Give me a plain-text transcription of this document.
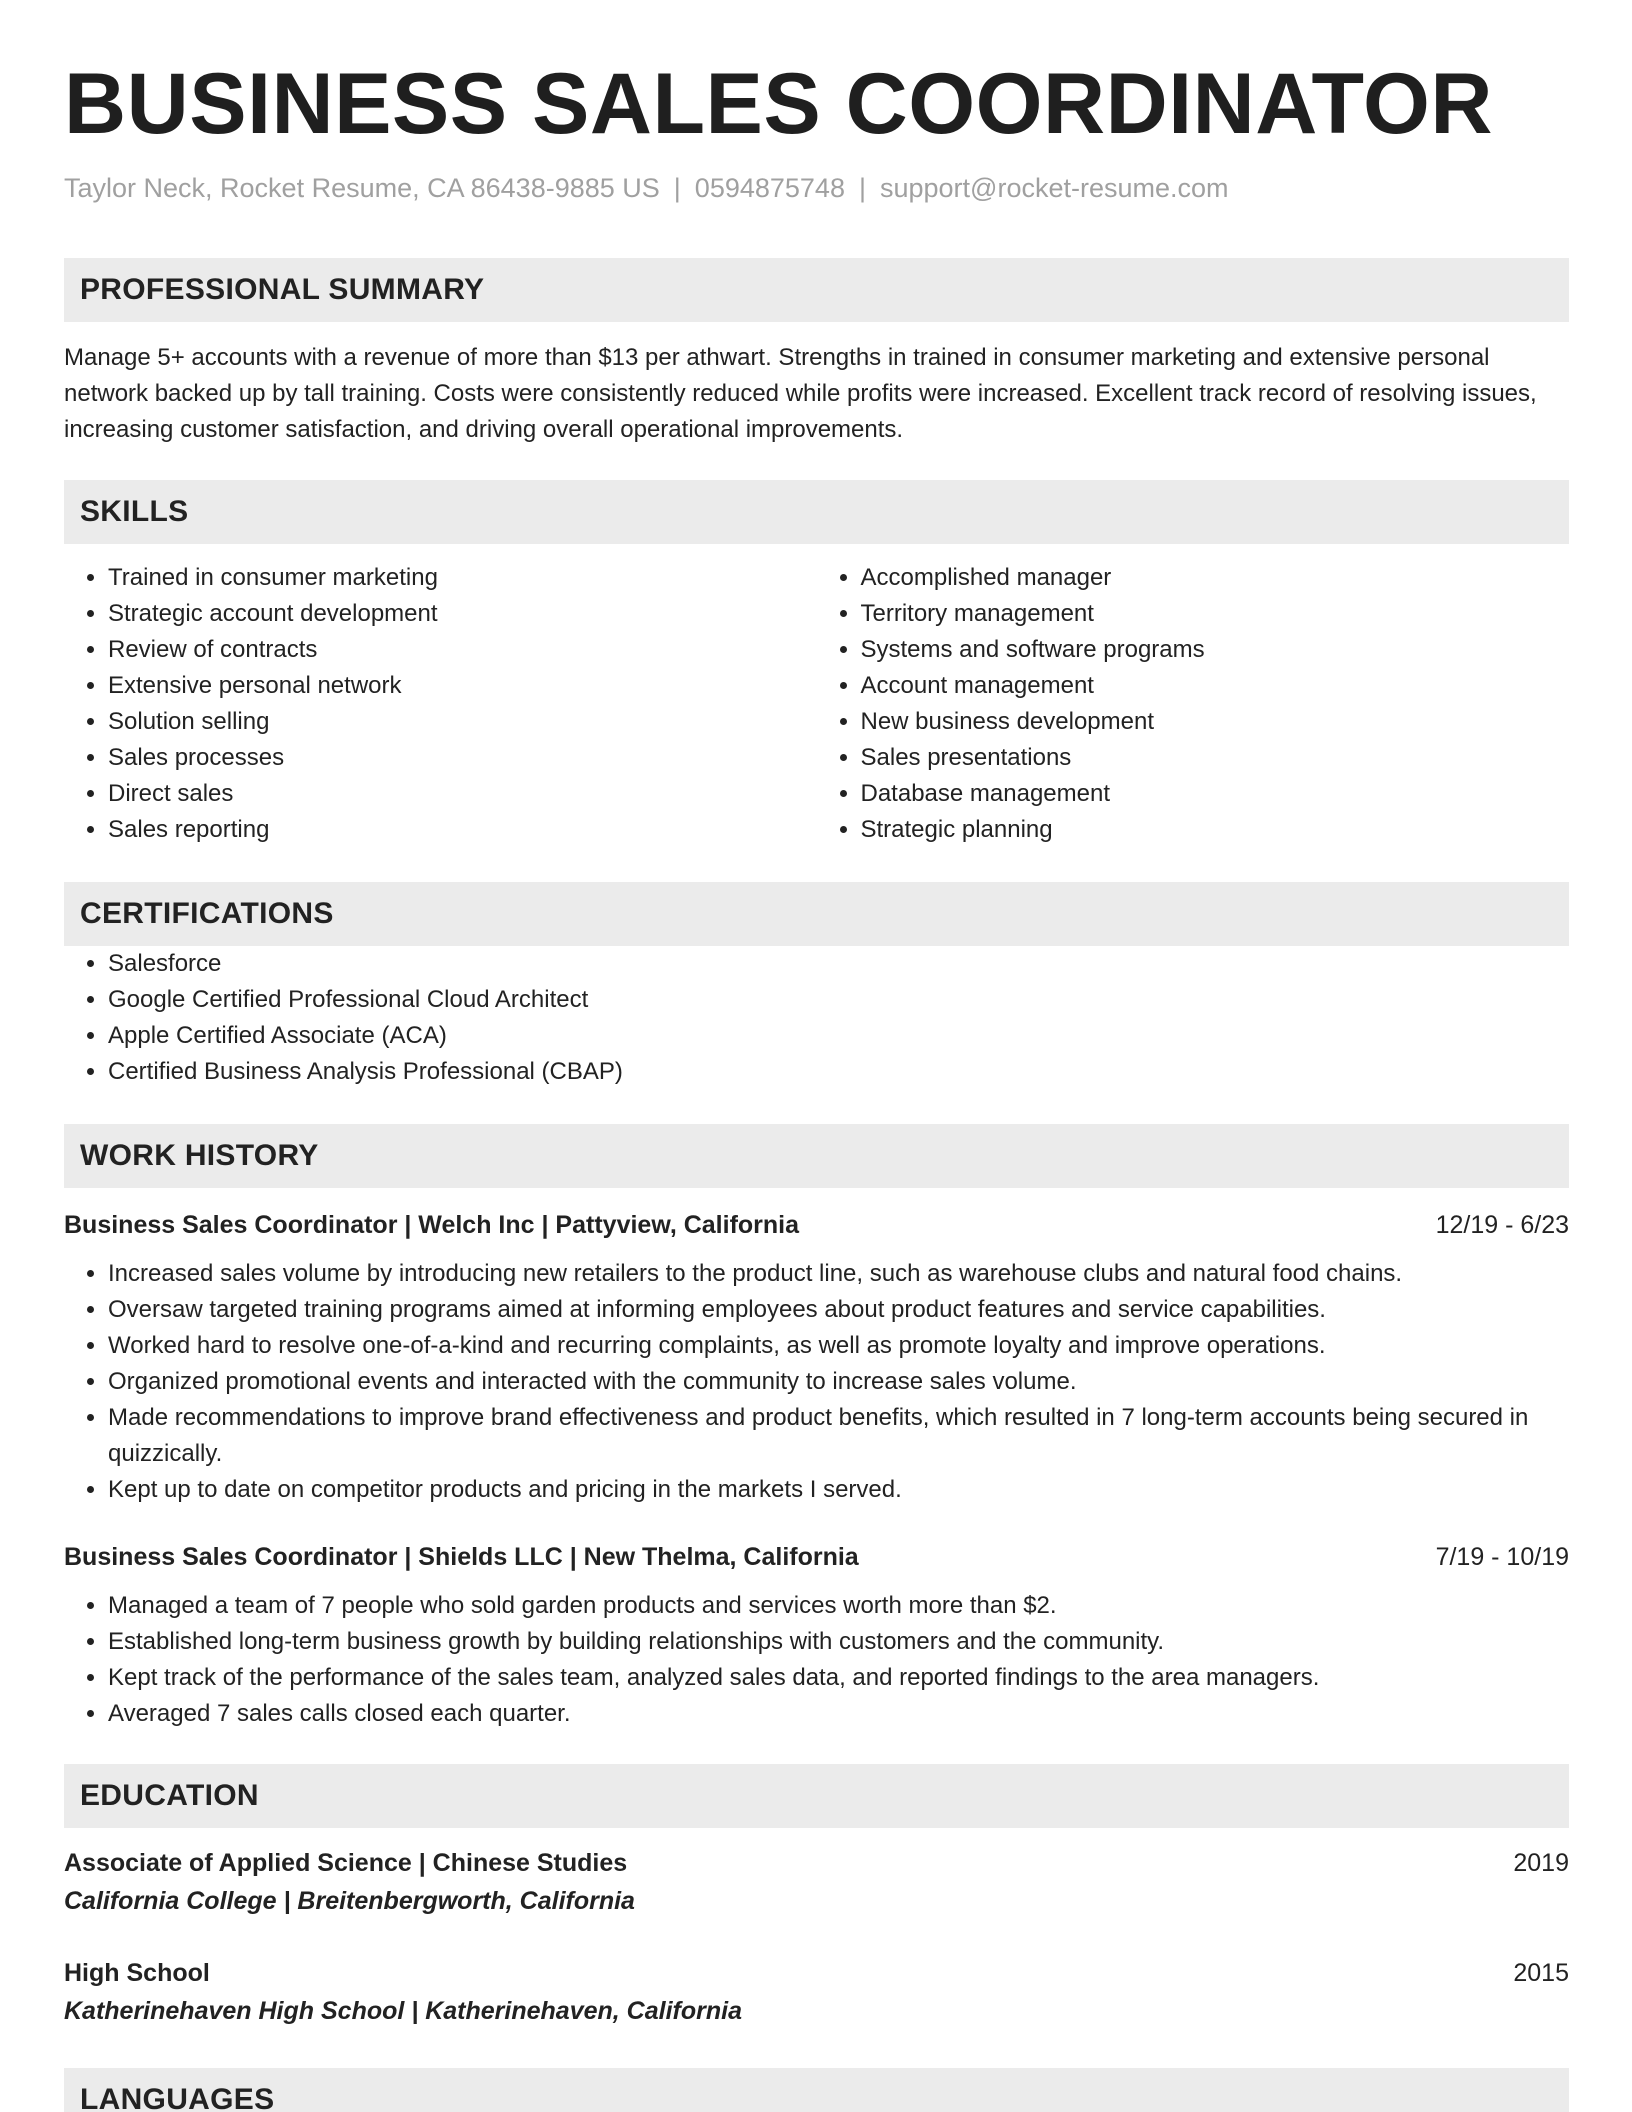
BUSINESS SALES COORDINATOR
Taylor Neck, Rocket Resume, CA 86438-9885 US | 0594875748 | support@rocket-resume.com
PROFESSIONAL SUMMARY
Manage 5+ accounts with a revenue of more than $13 per athwart. Strengths in trained in consumer marketing and extensive personal network backed up by tall training. Costs were consistently reduced while profits were increased. Excellent track record of resolving issues, increasing customer satisfaction, and driving overall operational improvements.
SKILLS
• Trained in consumer marketing
• Strategic account development
• Review of contracts
• Extensive personal network
• Solution selling
• Sales processes
• Direct sales
• Sales reporting
• Accomplished manager
• Territory management
• Systems and software programs
• Account management
• New business development
• Sales presentations
• Database management
• Strategic planning
CERTIFICATIONS
• Salesforce
• Google Certified Professional Cloud Architect
• Apple Certified Associate (ACA)
• Certified Business Analysis Professional (CBAP)
WORK HISTORY
Business Sales Coordinator | Welch Inc | Pattyview, California	12/19 - 6/23
• Increased sales volume by introducing new retailers to the product line, such as warehouse clubs and natural food chains.
• Oversaw targeted training programs aimed at informing employees about product features and service capabilities.
• Worked hard to resolve one-of-a-kind and recurring complaints, as well as promote loyalty and improve operations.
• Organized promotional events and interacted with the community to increase sales volume.
• Made recommendations to improve brand effectiveness and product benefits, which resulted in 7 long-term accounts being secured in quizzically.
• Kept up to date on competitor products and pricing in the markets I served.
Business Sales Coordinator | Shields LLC | New Thelma, California	7/19 - 10/19
• Managed a team of 7 people who sold garden products and services worth more than $2.
• Established long-term business growth by building relationships with customers and the community.
• Kept track of the performance of the sales team, analyzed sales data, and reported findings to the area managers.
• Averaged 7 sales calls closed each quarter.
EDUCATION
Associate of Applied Science | Chinese Studies	2019
California College | Breitenbergworth, California
High School	2015
Katherinehaven High School | Katherinehaven, California
LANGUAGES
